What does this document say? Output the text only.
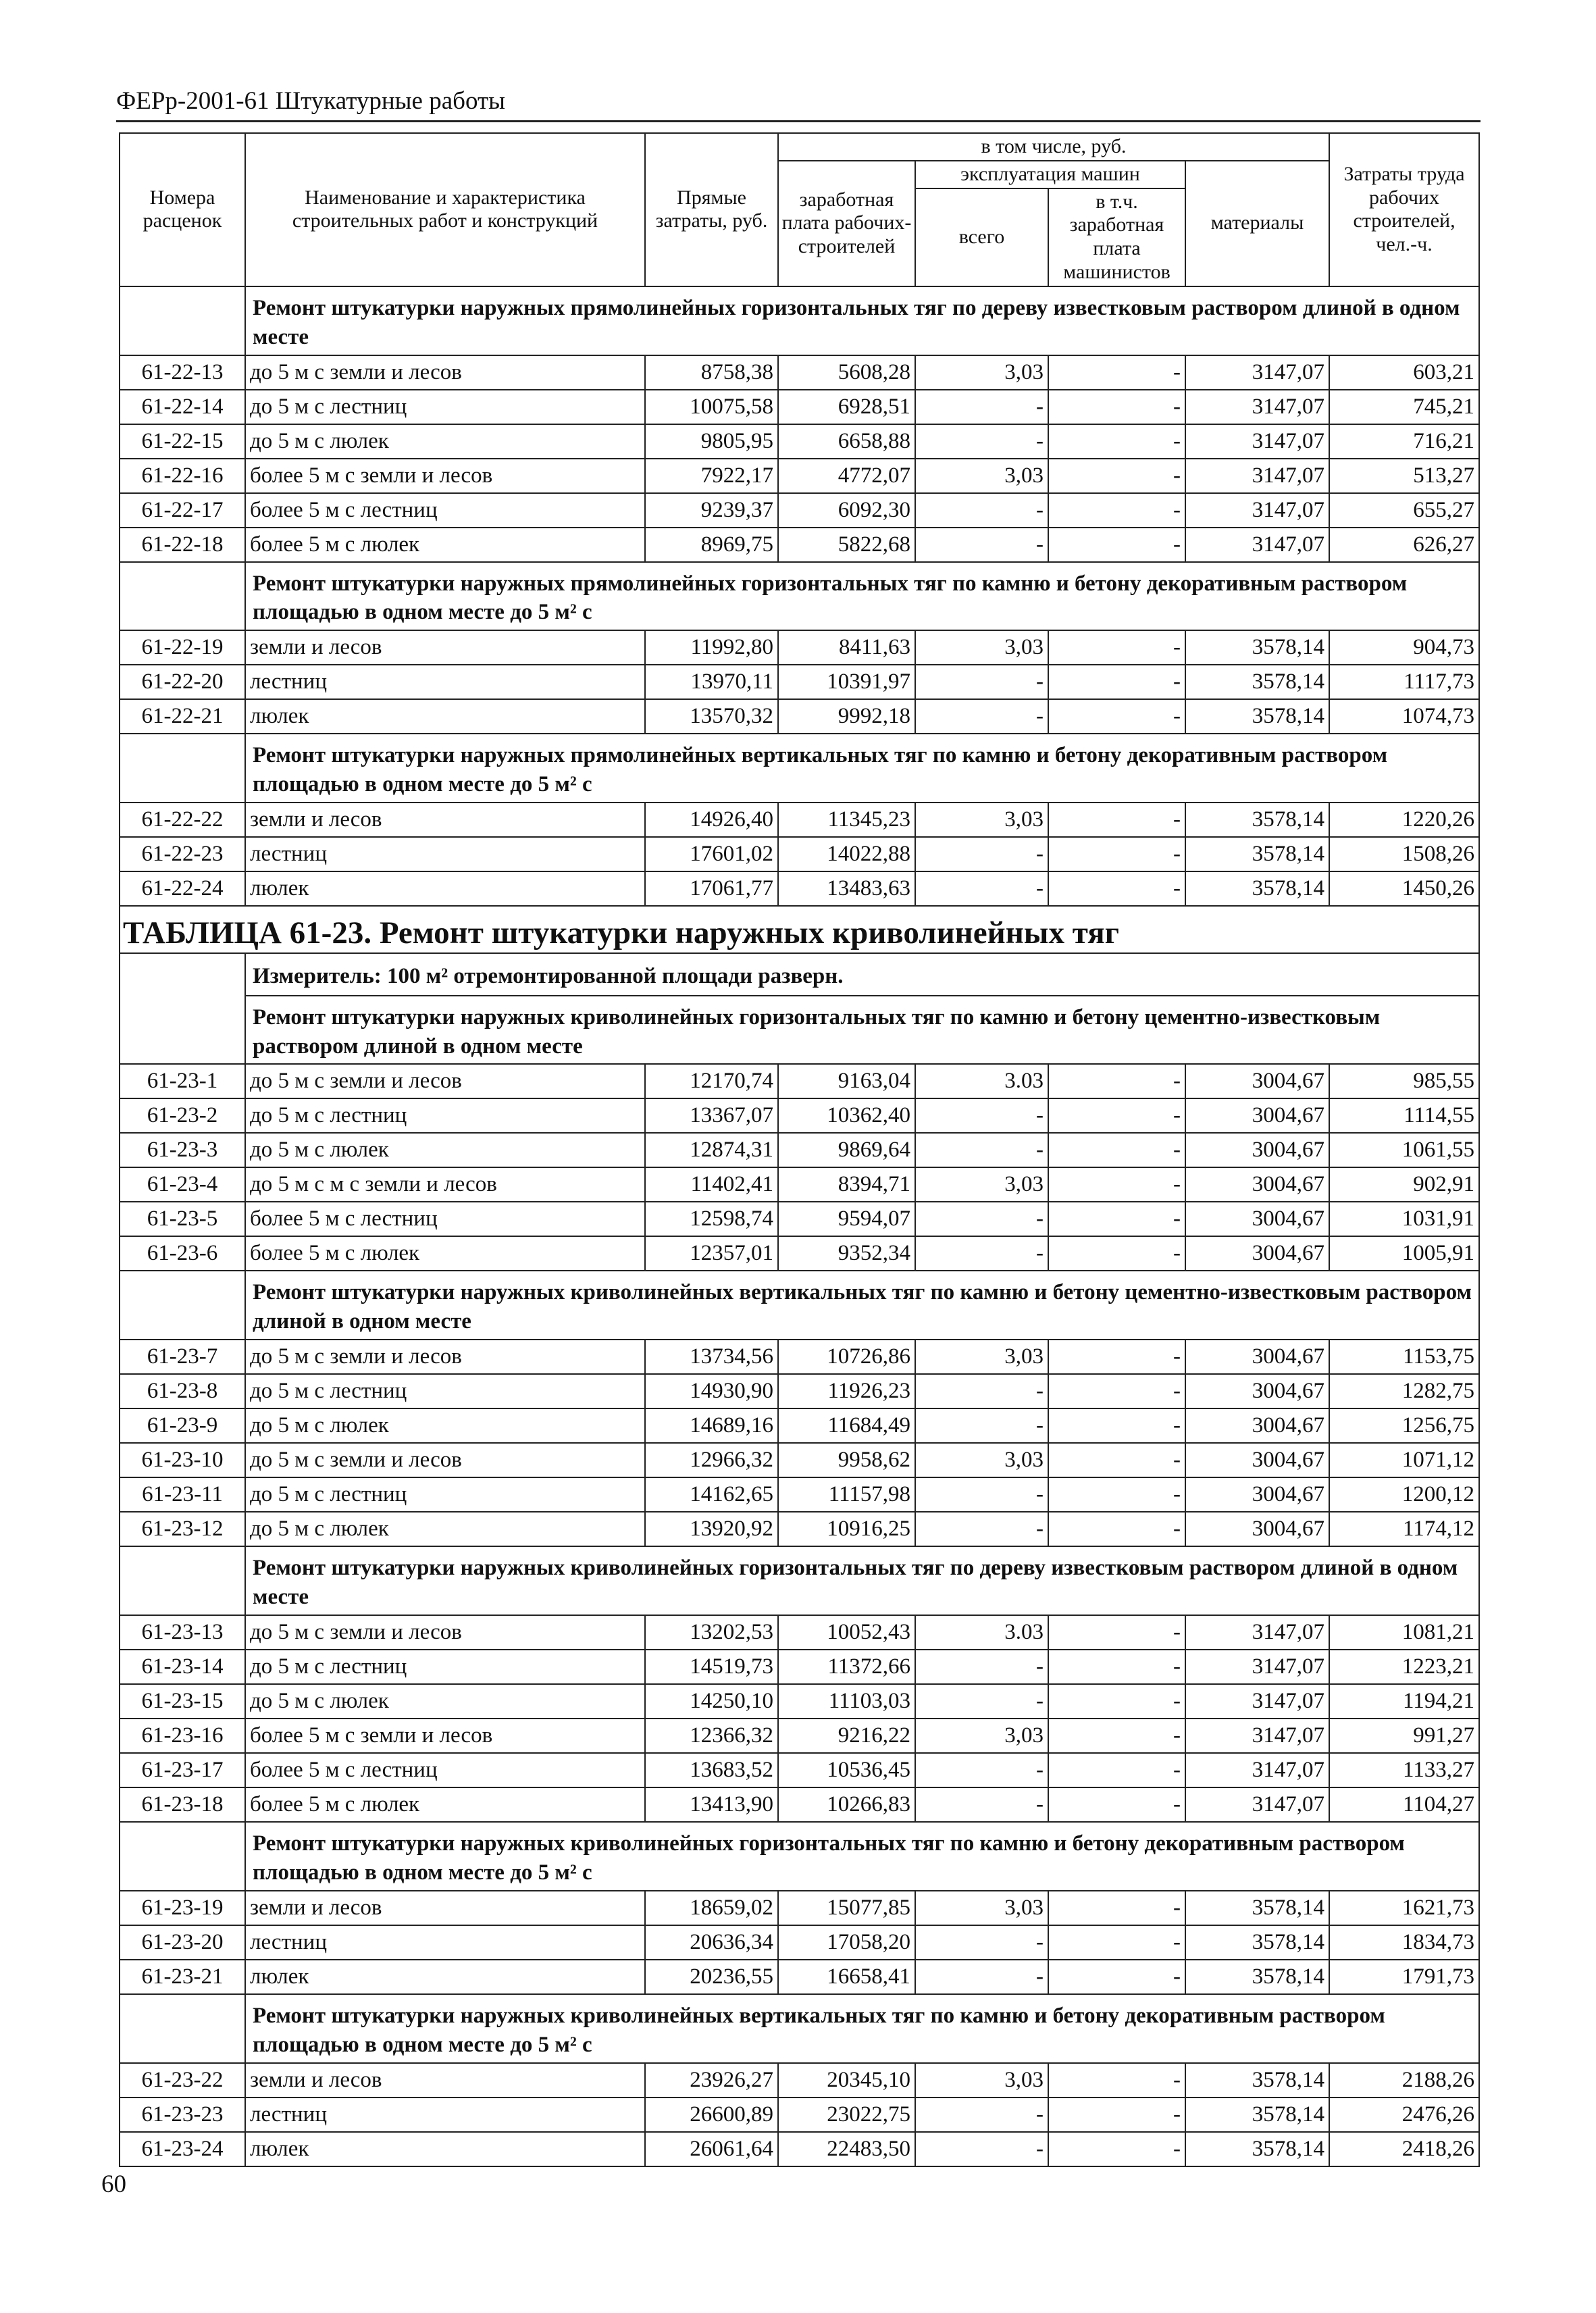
ФЕРр-2001-61 Штукатурные работы
Номера расценок	Наименование и характеристика строительных работ и конструкций	Прямые затраты, руб.	в том числе, руб.				Затраты труда рабочих строителей, чел.-ч.
			заработная плата рабочих-строителей	эксплуатация машин		материалы	
				всего	в т.ч. заработная плата машинистов		

	Ремонт штукатурки наружных прямолинейных горизонтальных тяг по дереву известковым раствором длиной в одном месте						
61-22-13	до 5 м с земли и лесов	8758,38	5608,28	3,03	-	3147,07	603,21
61-22-14	до 5 м с лестниц	10075,58	6928,51	-	-	3147,07	745,21
61-22-15	до 5 м с люлек	9805,95	6658,88	-	-	3147,07	716,21
61-22-16	более 5 м с земли и лесов	7922,17	4772,07	3,03	-	3147,07	513,27
61-22-17	более 5 м с лестниц	9239,37	6092,30	-	-	3147,07	655,27
61-22-18	более 5 м с люлек	8969,75	5822,68	-	-	3147,07	626,27
	Ремонт штукатурки наружных прямолинейных горизонтальных тяг по камню и бетону декоративным раствором площадью в одном месте до 5 м² с						
61-22-19	земли и лесов	11992,80	8411,63	3,03	-	3578,14	904,73
61-22-20	лестниц	13970,11	10391,97	-	-	3578,14	1117,73
61-22-21	люлек	13570,32	9992,18	-	-	3578,14	1074,73
	Ремонт штукатурки наружных прямолинейных вертикальных тяг по камню и бетону декоративным раствором площадью в одном месте до 5 м² с						
61-22-22	земли и лесов	14926,40	11345,23	3,03	-	3578,14	1220,26
61-22-23	лестниц	17601,02	14022,88	-	-	3578,14	1508,26
61-22-24	люлек	17061,77	13483,63	-	-	3578,14	1450,26
ТАБЛИЦА 61-23. Ремонт штукатурки наружных криволинейных тяг							
	Измеритель: 100 м² отремонтированной площади разверн.						
	Ремонт штукатурки наружных криволинейных горизонтальных тяг по камню и бетону цементно-известковым раствором длиной в одном месте						
61-23-1	до 5 м с земли и лесов	12170,74	9163,04	3.03	-	3004,67	985,55
61-23-2	до 5 м с лестниц	13367,07	10362,40	-	-	3004,67	1114,55
61-23-3	до 5 м с люлек	12874,31	9869,64	-	-	3004,67	1061,55
61-23-4	до 5 м с м с земли и лесов	11402,41	8394,71	3,03	-	3004,67	902,91
61-23-5	более 5 м с лестниц	12598,74	9594,07	-	-	3004,67	1031,91
61-23-6	более 5 м с люлек	12357,01	9352,34	-	-	3004,67	1005,91
	Ремонт штукатурки наружных криволинейных вертикальных тяг по камню и бетону цементно-известковым раствором длиной в одном месте						
61-23-7	до 5 м с земли и лесов	13734,56	10726,86	3,03	-	3004,67	1153,75
61-23-8	до 5 м с лестниц	14930,90	11926,23	-	-	3004,67	1282,75
61-23-9	до 5 м с люлек	14689,16	11684,49	-	-	3004,67	1256,75
61-23-10	до 5 м с земли и лесов	12966,32	9958,62	3,03	-	3004,67	1071,12
61-23-11	до 5 м с лестниц	14162,65	11157,98	-	-	3004,67	1200,12
61-23-12	до 5 м с люлек	13920,92	10916,25	-	-	3004,67	1174,12
	Ремонт штукатурки наружных криволинейных горизонтальных тяг по дереву известковым раствором длиной в одном месте						
61-23-13	до 5 м с земли и лесов	13202,53	10052,43	3.03	-	3147,07	1081,21
61-23-14	до 5 м с лестниц	14519,73	11372,66	-	-	3147,07	1223,21
61-23-15	до 5 м с люлек	14250,10	11103,03	-	-	3147,07	1194,21
61-23-16	более 5 м с земли и лесов	12366,32	9216,22	3,03	-	3147,07	991,27
61-23-17	более 5 м с лестниц	13683,52	10536,45	-	-	3147,07	1133,27
61-23-18	более 5 м с люлек	13413,90	10266,83	-	-	3147,07	1104,27
	Ремонт штукатурки наружных криволинейных горизонтальных тяг по камню и бетону декоративным раствором площадью в одном месте до 5 м² с						
61-23-19	земли и лесов	18659,02	15077,85	3,03	-	3578,14	1621,73
61-23-20	лестниц	20636,34	17058,20	-	-	3578,14	1834,73
61-23-21	люлек	20236,55	16658,41	-	-	3578,14	1791,73
	Ремонт штукатурки наружных криволинейных вертикальных тяг по камню и бетону декоративным раствором площадью в одном месте до 5 м² с						
61-23-22	земли и лесов	23926,27	20345,10	3,03	-	3578,14	2188,26
61-23-23	лестниц	26600,89	23022,75	-	-	3578,14	2476,26
61-23-24	люлек	26061,64	22483,50	-	-	3578,14	2418,26
60
